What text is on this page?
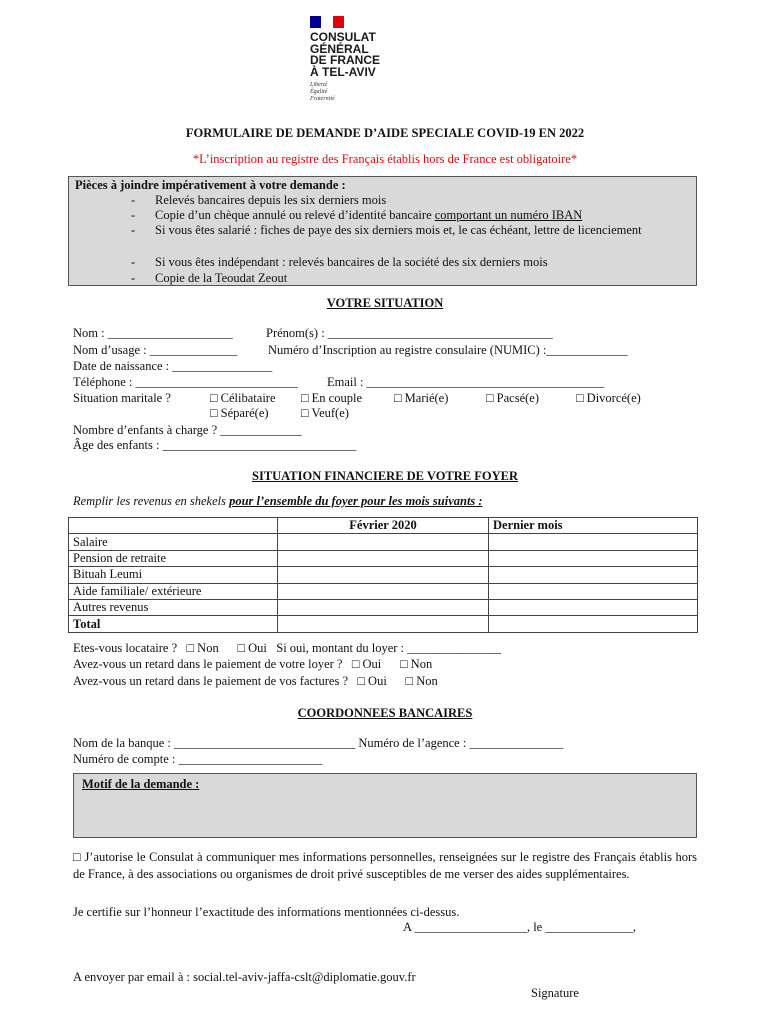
CONSULAT
GÉNÉRAL
DE FRANCE
À TEL-AVIV
Liberté
Égalité
Fraternité
FORMULAIRE DE DEMANDE D’AIDE SPECIALE COVID-19 EN 2022
*L’inscription au registre des Français établis hors de France est obligatoire*
Pièces à joindre impérativement à votre demande :
- Relevés bancaires depuis les six derniers mois
- Copie d’un chèque annulé ou relevé d’identité bancaire comportant un numéro IBAN
- Si vous êtes salarié : fiches de paye des six derniers mois et, le cas échéant, lettre de licenciement
- Si vous êtes indépendant : relevés bancaires de la société des six derniers mois
- Copie de la Teoudat Zeout
VOTRE SITUATION
Nom : ____________________	Prénom(s) : ____________________________________
Nom d’usage : ______________ Numéro d’Inscription au registre consulaire (NUMIC) :_____________
Date de naissance : ________________
Téléphone : __________________________ Email : ______________________________________
Situation maritale ?	□ Célibataire □ En couple	□ Marié(e)	□ Pacsé(e)	□ Divorcé(e)
□ Séparé(e)	□ Veuf(e)
Nombre d’enfants à charge ? _____________
Âge des enfants : _______________________________
SITUATION FINANCIERE DE VOTRE FOYER
Remplir les revenus en shekels pour l’ensemble du foyer pour les mois suivants :
	Février 2020	Dernier mois
Salaire		
Pension de retraite		
Bituah Leumi		
Aide familiale/ extérieure		
Autres revenus		
Total		
Etes-vous locataire ?   □ Non      □ Oui   Si oui, montant du loyer : _______________
Avez-vous un retard dans le paiement de votre loyer ?   □ Oui      □ Non
Avez-vous un retard dans le paiement de vos factures ?   □ Oui      □ Non
COORDONNEES BANCAIRES
Nom de la banque : _____________________________ Numéro de l’agence : _______________
Numéro de compte : _______________________
Motif de la demande :
□ J’autorise le Consulat à communiquer mes informations personnelles, renseignées sur le registre des Français établis hors de France, à des associations ou organismes de droit privé susceptibles de me verser des aides supplémentaires.
Je certifie sur l’honneur l’exactitude des informations mentionnées ci-dessus.
A __________________, le ______________,
A envoyer par email à : social.tel-aviv-jaffa-cslt@diplomatie.gouv.fr
Signature
